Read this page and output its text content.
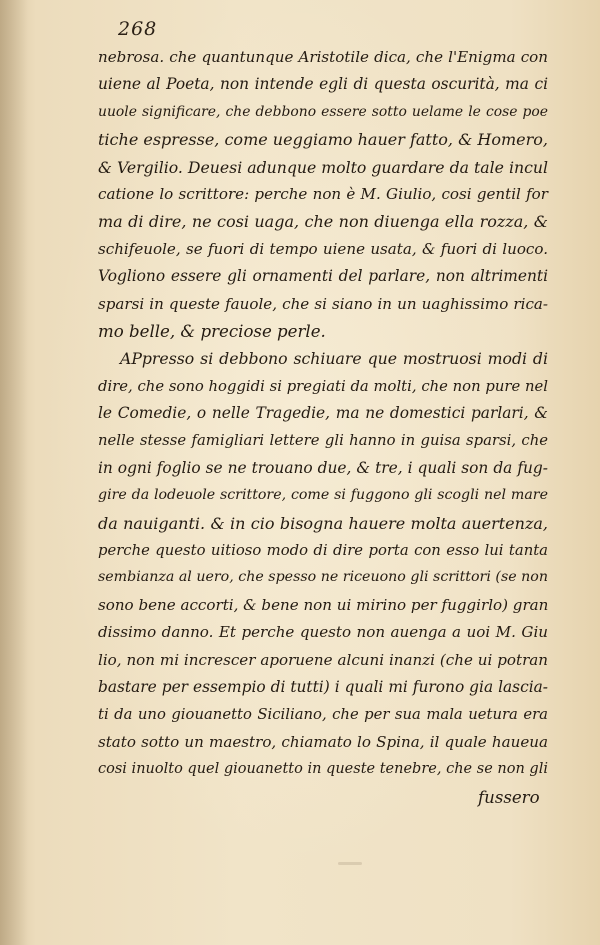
268
nebrosa. che quantunque Aristotile dica, che l'Enigma con
uiene al Poeta, non intende egli di questa oscurità, ma ci
uuole significare, che debbono essere sotto uelame le cose poe
tiche espresse, come ueggiamo hauer fatto, & Homero,
& Vergilio. Deuesi adunque molto guardare da tale incul
catione lo scrittore: perche non è M. Giulio, cosi gentil for
ma di dire, ne cosi uaga, che non diuenga ella rozza, &
schifeuole, se fuori di tempo uiene usata, & fuori di luoco.
Vogliono essere gli ornamenti del parlare, non altrimenti
sparsi in queste fauole, che si siano in un uaghissimo rica-
mo belle, & preciose perle.
APpresso si debbono schiuare que mostruosi modi di
dire, che sono hoggidi si pregiati da molti, che non pure nel
le Comedie, o nelle Tragedie, ma ne domestici parlari, &
nelle stesse famigliari lettere gli hanno in guisa sparsi, che
in ogni foglio se ne trouano due, & tre, i quali son da fug-
gire da lodeuole scrittore, come si fuggono gli scogli nel mare
da nauiganti. & in cio bisogna hauere molta auertenza,
perche questo uitioso modo di dire porta con esso lui tanta
sembianza al uero, che spesso ne riceuono gli scrittori (se non
sono bene accorti, & bene non ui mirino per fuggirlo) gran
dissimo danno. Et perche questo non auenga a uoi M. Giu
lio, non mi increscer aporuene alcuni inanzi (che ui potran
bastare per essempio di tutti) i quali mi furono gia lascia-
ti da uno giouanetto Siciliano, che per sua mala uetura era
stato sotto un maestro, chiamato lo Spina, il quale haueua
cosi inuolto quel giouanetto in queste tenebre, che se non gli
fussero
